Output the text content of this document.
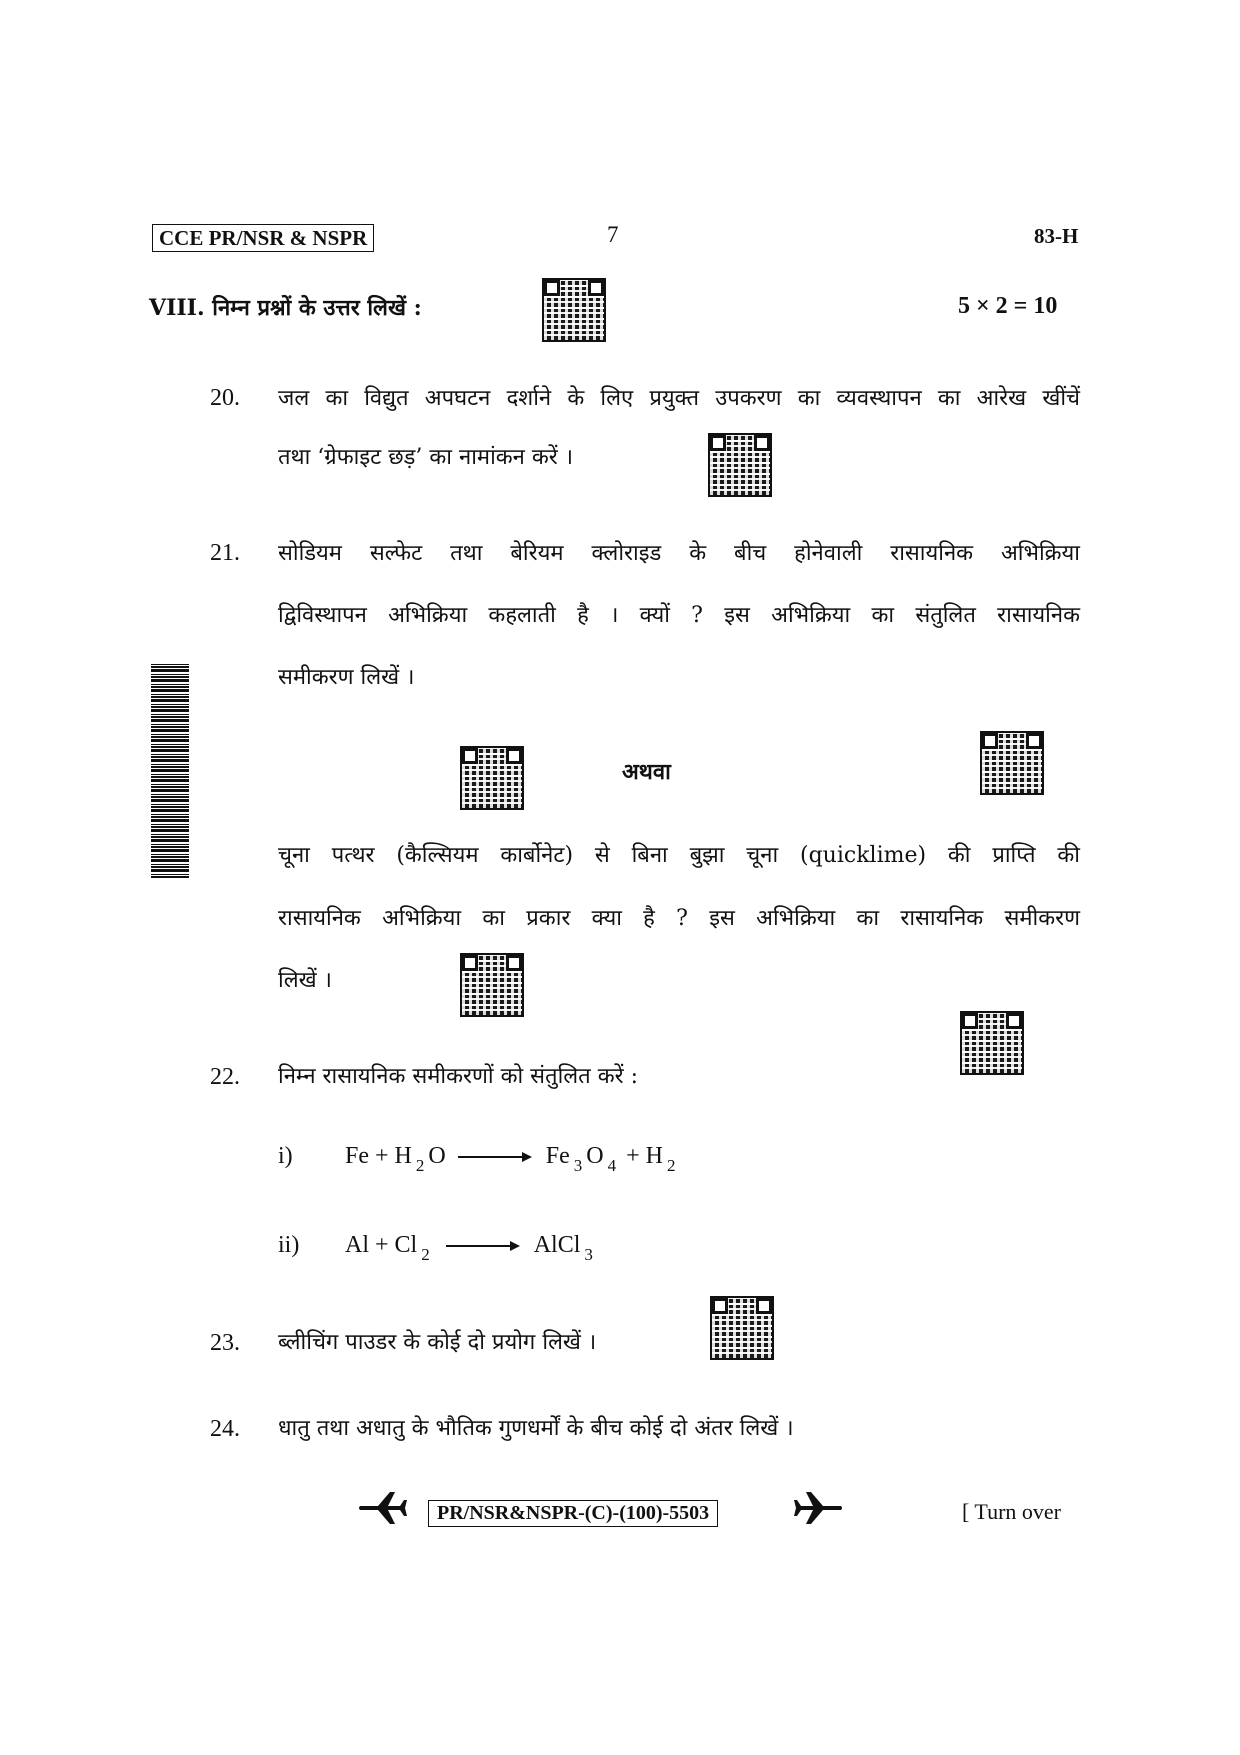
CCE PR/NSR & NSPR	7	83-H
VIII. निम्न प्रश्नों के उत्तर लिखें :	5 × 2 = 10
20. जल का विद्युत अपघटन दर्शाने के लिए प्रयुक्त उपकरण का व्यवस्थापन का आरेख खींचें
तथा ‘ग्रेफाइट छड़’ का नामांकन करें ।
21. सोडियम सल्फेट तथा बेरियम क्लोराइड के बीच होनेवाली रासायनिक अभिक्रिया
द्विविस्थापन अभिक्रिया कहलाती है । क्यों ? इस अभिक्रिया का संतुलित रासायनिक
समीकरण लिखें ।
अथवा
चूना पत्थर (कैल्सियम कार्बोनेट) से बिना बुझा चूना (quicklime) की प्राप्ति की
रासायनिक अभिक्रिया का प्रकार क्या है ? इस अभिक्रिया का रासायनिक समीकरण
लिखें ।
22. निम्न रासायनिक समीकरणों को संतुलित करें :
i) Fe + H $_2$ O → Fe $_3$ O $_4$ + H $_2$
ii) Al + Cl $_2$ → AlCl $_3$
23. ब्लीचिंग पाउडर के कोई दो प्रयोग लिखें ।
24. धातु तथा अधातु के भौतिक गुणधर्मों के बीच कोई दो अंतर लिखें ।
PR/NSR&NSPR-(C)-(100)-5503	[ Turn over
